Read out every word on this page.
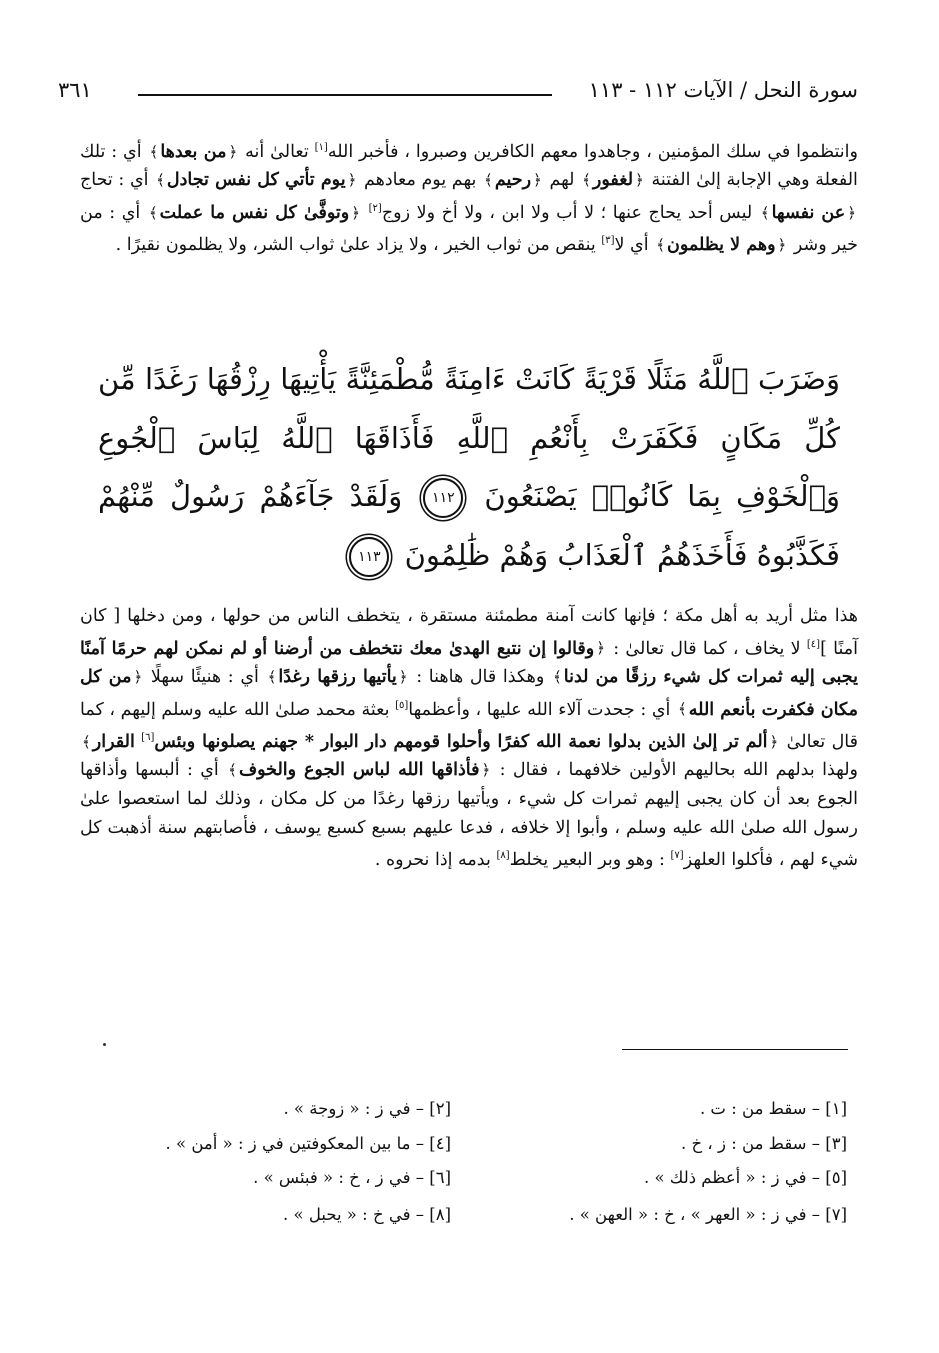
سورة النحل / الآيات ١١٢ - ١١٣
٣٦١

وانتظموا في سلك المؤمنين ، وجاهدوا معهم الكافرين وصبروا ، فأخبر الله[١] تعالىٰ أنه ﴿من بعدها﴾ أي : تلك الفعلة وهي الإجابة إلىٰ الفتنة ﴿لغفور﴾ لهم ﴿رحيم﴾ بهم يوم معادهم ﴿يوم تأتي كل نفس تجادل﴾ أي : تحاج ﴿عن نفسها﴾ ليس أحد يحاج عنها ؛ لا أب ولا ابن ، ولا أخ ولا زوج[٢] ﴿وتوفَّىٰ كل نفس ما عملت﴾ أي : من خير وشر ﴿وهم لا يظلمون﴾ أي لا[٣] ينقص من ثواب الخير ، ولا يزاد علىٰ ثواب الشر، ولا يظلمون نقيرًا .

وَضَرَبَ ٱللَّهُ مَثَلًا قَرْيَةً كَانَتْ ءَامِنَةً مُّطْمَئِنَّةً يَأْتِيهَا رِزْقُهَا رَغَدًا مِّن كُلِّ مَكَانٍ فَكَفَرَتْ بِأَنْعُمِ ٱللَّهِ فَأَذَاقَهَا ٱللَّهُ لِبَاسَ ٱلْجُوعِ وَٱلْخَوْفِ بِمَا كَانُوا۟ يَصْنَعُونَ ١١٢ وَلَقَدْ جَآءَهُمْ رَسُولٌ مِّنْهُمْ فَكَذَّبُوهُ فَأَخَذَهُمُ ٱلْعَذَابُ وَهُمْ ظَٰلِمُونَ ١١٣

هذا مثل أريد به أهل مكة ؛ فإنها كانت آمنة مطمئنة مستقرة ، يتخطف الناس من حولها ، ومن دخلها [ كان آمنًا ][٤] لا يخاف ، كما قال تعالىٰ : ﴿وقالوا إن نتبع الهدىٰ معك نتخطف من أرضنا أو لم نمكن لهم حرمًا آمنًا يجبى إليه ثمرات كل شيء رزقًا من لدنا﴾ وهكذا قال هاهنا : ﴿يأتيها رزقها رغدًا﴾ أي : هنيئًا سهلًا ﴿من كل مكان فكفرت بأنعم الله﴾ أي : جحدت آلاء الله عليها ، وأعظمها[٥] بعثة محمد صلىٰ الله عليه وسلم إليهم ، كما قال تعالىٰ ﴿ألم تر إلىٰ الذين بدلوا نعمة الله كفرًا وأحلوا قومهم دار البوار * جهنم يصلونها وبئس[٦] القرار﴾ ولهذا بدلهم الله بحاليهم الأولين خلافهما ، فقال : ﴿فأذاقها الله لباس الجوع والخوف﴾ أي : ألبسها وأذاقها الجوع بعد أن كان يجبى إليهم ثمرات كل شيء ، ويأتيها رزقها رغدًا من كل مكان ، وذلك لما استعصوا علىٰ رسول الله صلىٰ الله عليه وسلم ، وأبوا إلا خلافه ، فدعا عليهم بسبع كسبع يوسف ، فأصابتهم سنة أذهبت كل شيء لهم ، فأكلوا العلهز[٧] : وهو وبر البعير يخلط[٨] بدمه إذا نحروه .

[١] – سقط من : ت .
[٢] – في ز : « زوجة » .
[٣] – سقط من : ز ، خ .
[٤] – ما بين المعكوفتين في ز : « أمن » .
[٥] – في ز : « أعظم ذلك » .
[٦] – في ز ، خ : « فبئس » .
[٧] – في ز : « العهر » ، خ : « العهن » .
[٨] – في خ : « يحبل » .
